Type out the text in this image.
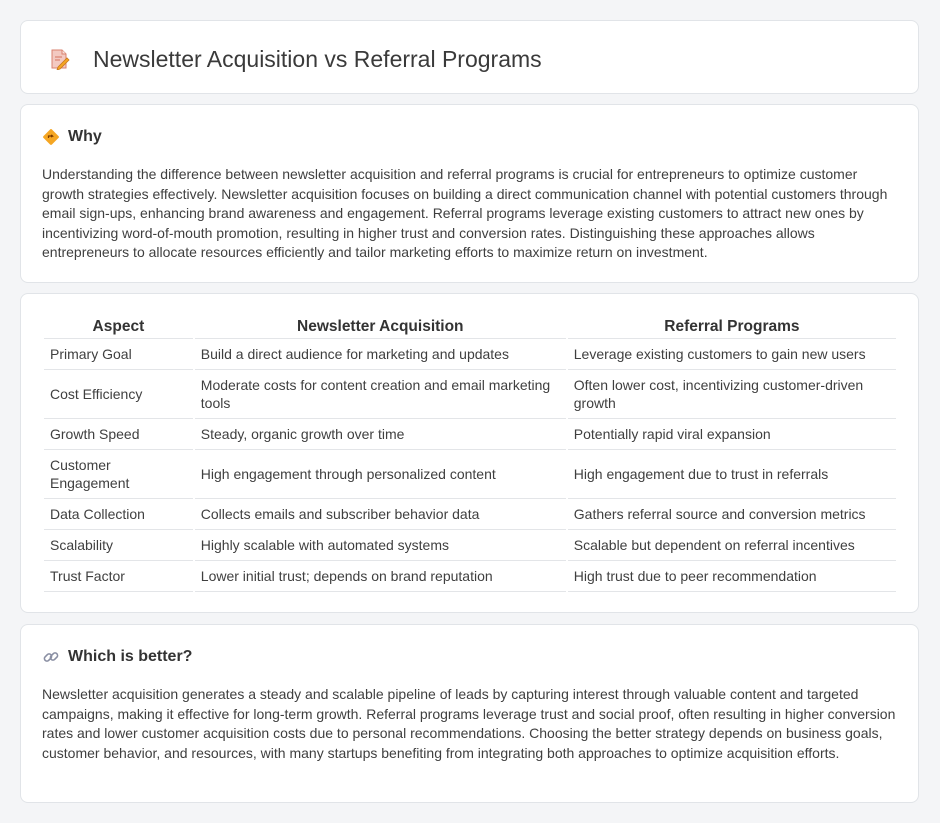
Newsletter Acquisition vs Referral Programs
Why

Understanding the difference between newsletter acquisition and referral programs is crucial for entrepreneurs to optimize customer growth strategies effectively. Newsletter acquisition focuses on building a direct communication channel with potential customers through email sign-ups, enhancing brand awareness and engagement. Referral programs leverage existing customers to attract new ones by incentivizing word-of-mouth promotion, resulting in higher trust and conversion rates. Distinguishing these approaches allows entrepreneurs to allocate resources efficiently and tailor marketing efforts to maximize return on investment.

Aspect	Newsletter Acquisition	Referral Programs
Primary Goal	Build a direct audience for marketing and updates	Leverage existing customers to gain new users
Cost Efficiency	Moderate costs for content creation and email marketing tools	Often lower cost, incentivizing customer-driven growth
Growth Speed	Steady, organic growth over time	Potentially rapid viral expansion
Customer Engagement	High engagement through personalized content	High engagement due to trust in referrals
Data Collection	Collects emails and subscriber behavior data	Gathers referral source and conversion metrics
Scalability	Highly scalable with automated systems	Scalable but dependent on referral incentives
Trust Factor	Lower initial trust; depends on brand reputation	High trust due to peer recommendation
Which is better?

Newsletter acquisition generates a steady and scalable pipeline of leads by capturing interest through valuable content and targeted campaigns, making it effective for long-term growth. Referral programs leverage trust and social proof, often resulting in higher conversion rates and lower customer acquisition costs due to personal recommendations. Choosing the better strategy depends on business goals, customer behavior, and resources, with many startups benefiting from integrating both approaches to optimize acquisition efforts.
